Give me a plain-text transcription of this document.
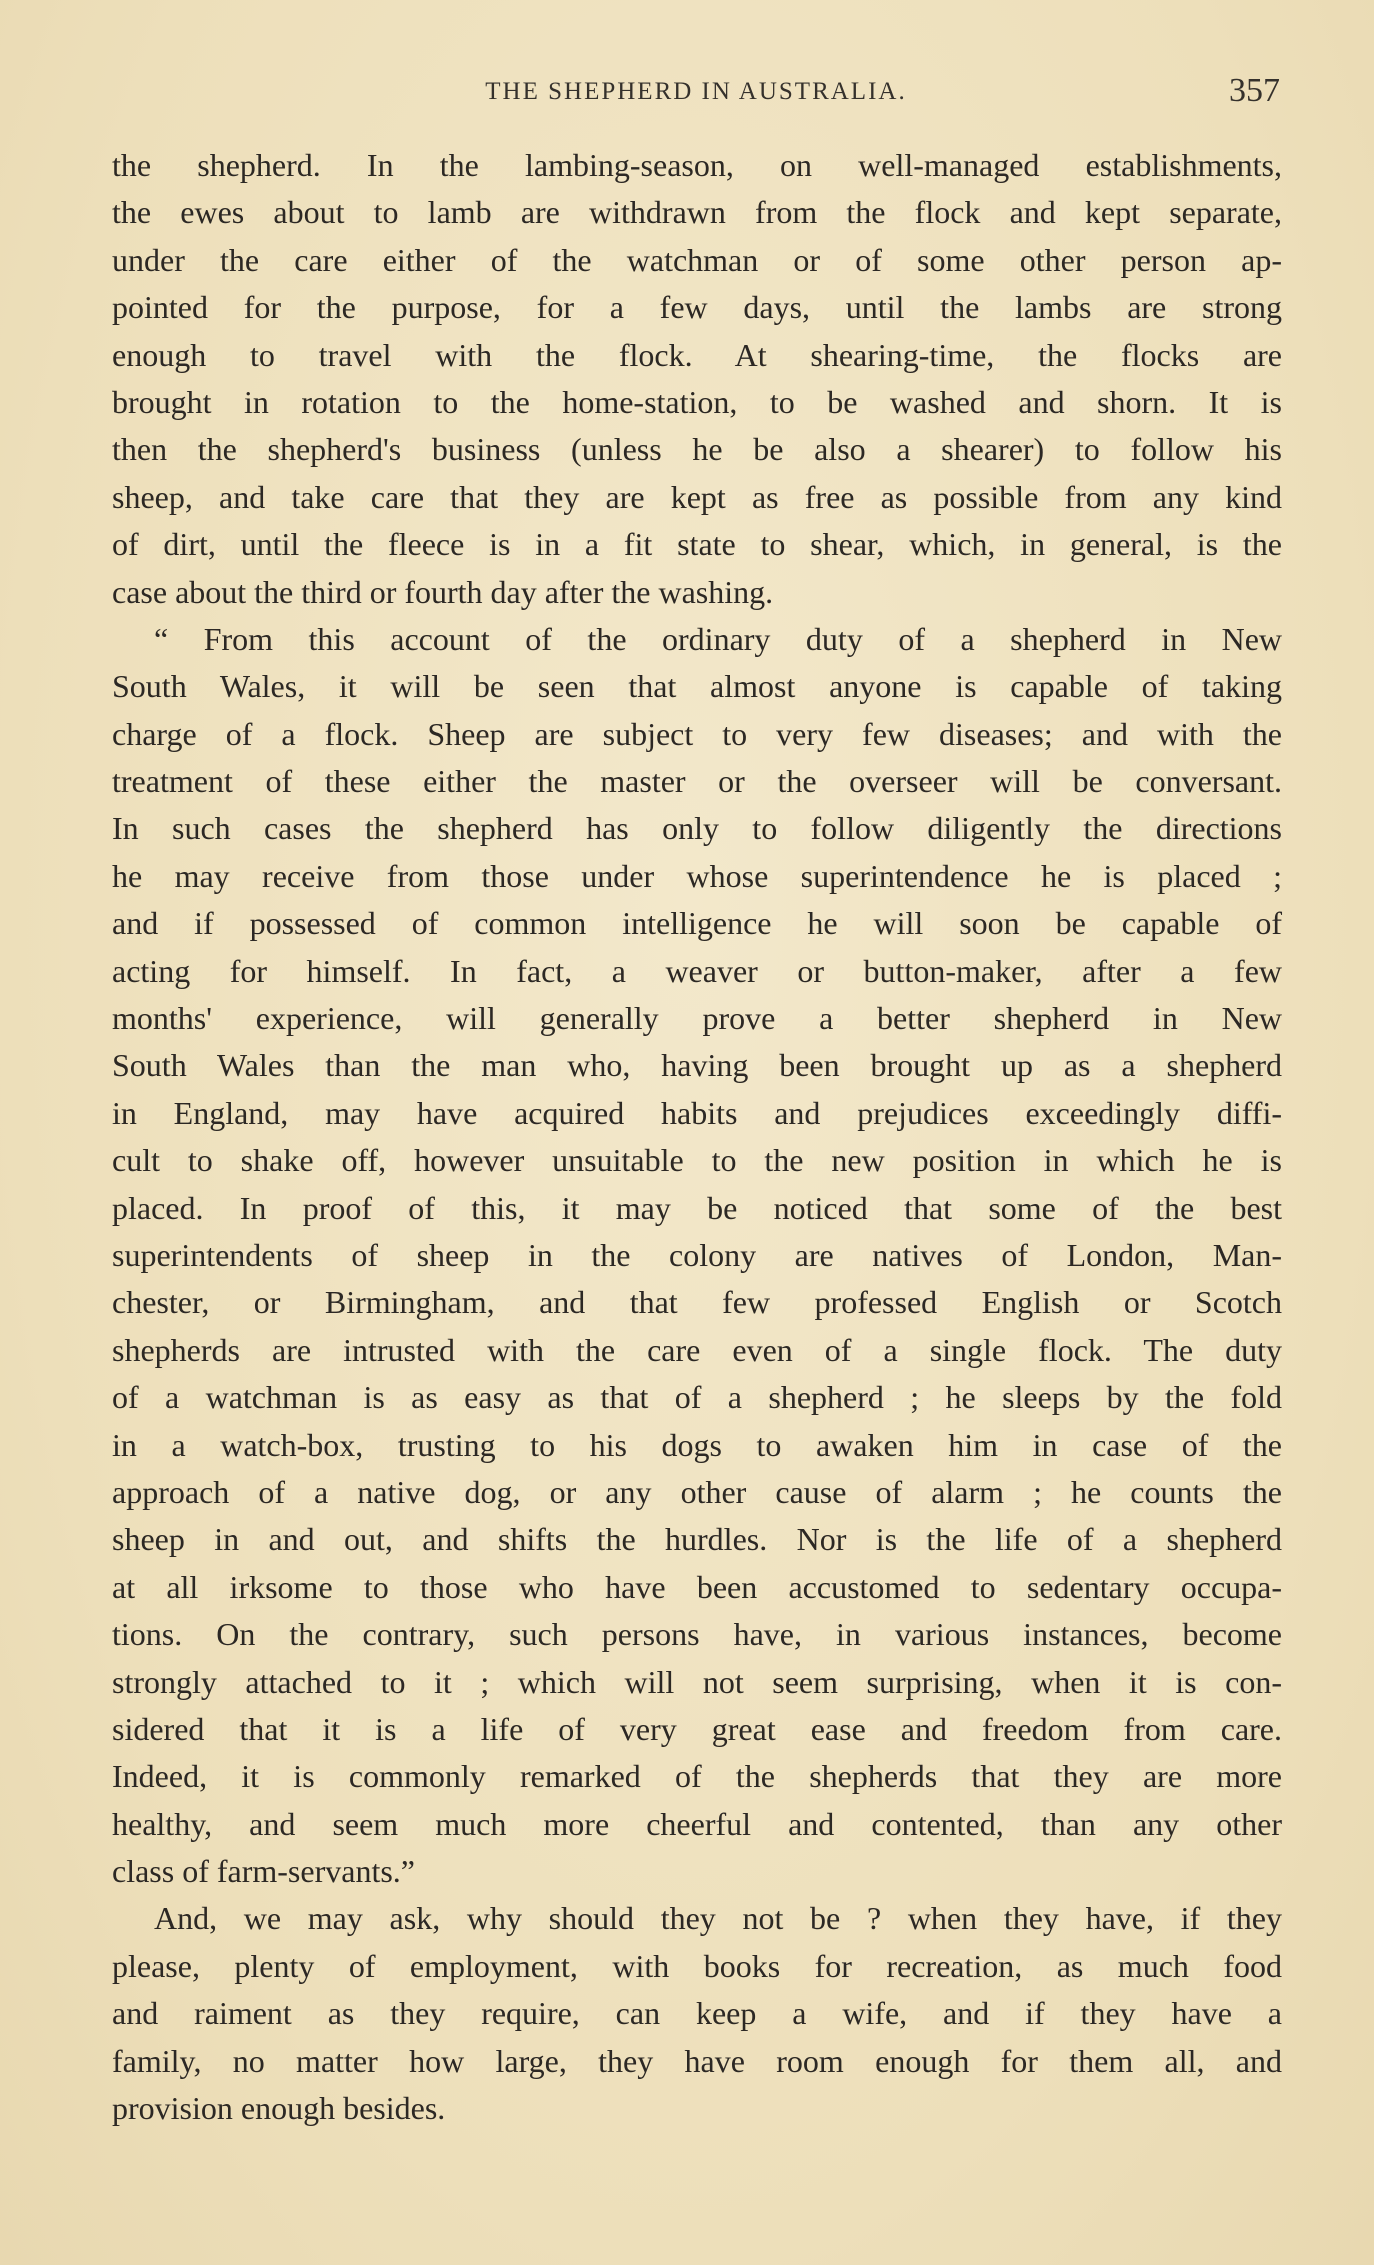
THE SHEPHERD IN AUSTRALIA.	357
the shepherd. In the lambing-season, on well-managed establishments,
the ewes about to lamb are withdrawn from the flock and kept separate,
under the care either of the watchman or of some other person ap-
pointed for the purpose, for a few days, until the lambs are strong
enough to travel with the flock. At shearing-time, the flocks are
brought in rotation to the home-station, to be washed and shorn. It is
then the shepherd's business (unless he be also a shearer) to follow his
sheep, and take care that they are kept as free as possible from any kind
of dirt, until the fleece is in a fit state to shear, which, in general, is the
case about the third or fourth day after the washing.
“ From this account of the ordinary duty of a shepherd in New
South Wales, it will be seen that almost anyone is capable of taking
charge of a flock. Sheep are subject to very few diseases; and with the
treatment of these either the master or the overseer will be conversant.
In such cases the shepherd has only to follow diligently the directions
he may receive from those under whose superintendence he is placed ;
and if possessed of common intelligence he will soon be capable of
acting for himself. In fact, a weaver or button-maker, after a few
months' experience, will generally prove a better shepherd in New
South Wales than the man who, having been brought up as a shepherd
in England, may have acquired habits and prejudices exceedingly diffi-
cult to shake off, however unsuitable to the new position in which he is
placed. In proof of this, it may be noticed that some of the best
superintendents of sheep in the colony are natives of London, Man-
chester, or Birmingham, and that few professed English or Scotch
shepherds are intrusted with the care even of a single flock. The duty
of a watchman is as easy as that of a shepherd ; he sleeps by the fold
in a watch-box, trusting to his dogs to awaken him in case of the
approach of a native dog, or any other cause of alarm ; he counts the
sheep in and out, and shifts the hurdles. Nor is the life of a shepherd
at all irksome to those who have been accustomed to sedentary occupa-
tions. On the contrary, such persons have, in various instances, become
strongly attached to it ; which will not seem surprising, when it is con-
sidered that it is a life of very great ease and freedom from care.
Indeed, it is commonly remarked of the shepherds that they are more
healthy, and seem much more cheerful and contented, than any other
class of farm-servants.”
And, we may ask, why should they not be ? when they have, if they
please, plenty of employment, with books for recreation, as much food
and raiment as they require, can keep a wife, and if they have a
family, no matter how large, they have room enough for them all, and
provision enough besides.
